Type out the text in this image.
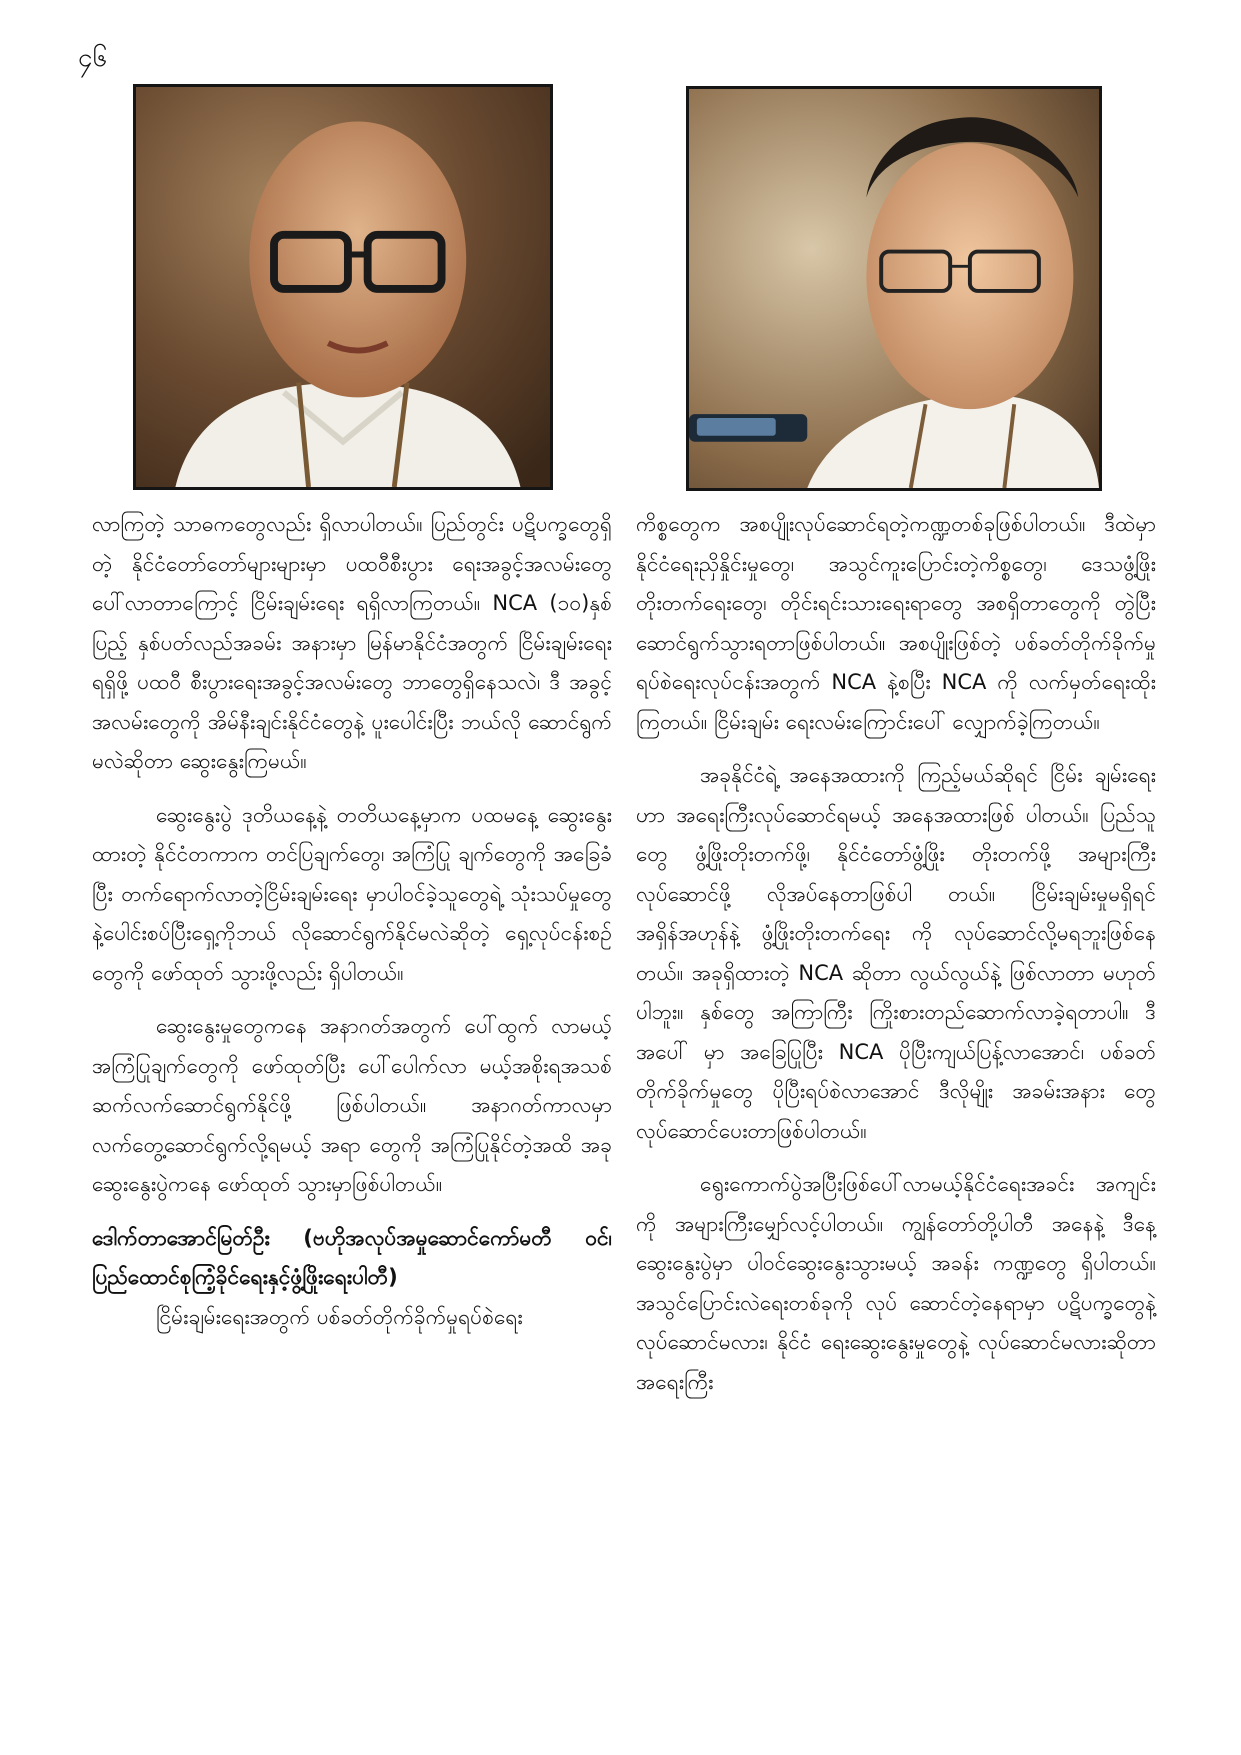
၄၆

လာကြတဲ့ သာဓကတွေလည်း ရှိလာပါတယ်။ ပြည်တွင်း ပဋိပက္ခတွေရှိတဲ့ နိုင်ငံတော်တော်များများမှာ ပထဝီစီးပွား ရေးအခွင့်အလမ်းတွေ ပေါ်လာတာကြောင့် ငြိမ်းချမ်းရေး ရရှိလာကြတယ်။ NCA (၁၀)နှစ်ပြည့် နှစ်ပတ်လည်အခမ်း အနားမှာ မြန်မာနိုင်ငံအတွက် ငြိမ်းချမ်းရေးရရှိဖို့ ပထဝီ စီးပွားရေးအခွင့်အလမ်းတွေ ဘာတွေရှိနေသလဲ၊ ဒီ အခွင့် အလမ်းတွေကို အိမ်နီးချင်းနိုင်ငံတွေနဲ့ ပူးပေါင်းပြီး ဘယ်လို ဆောင်ရွက်မလဲဆိုတာ ဆွေးနွေးကြမယ်။

ဆွေးနွေးပွဲ ဒုတိယနေ့နဲ့ တတိယနေ့မှာက ပထမနေ့ ဆွေးနွေးထားတဲ့ နိုင်ငံတကာက တင်ပြချက်တွေ၊ အကြံပြု ချက်တွေကို အခြေခံပြီး တက်ရောက်လာတဲ့ငြိမ်းချမ်းရေး မှာပါဝင်ခဲ့သူတွေရဲ့ သုံးသပ်မှုတွေနဲ့ပေါင်းစပ်ပြီးရှေ့ကိုဘယ် လိုဆောင်ရွက်နိုင်မလဲဆိုတဲ့ ရှေ့လုပ်ငန်းစဉ်တွေကို ဖော်ထုတ် သွားဖို့လည်း ရှိပါတယ်။

ဆွေးနွေးမှုတွေကနေ အနာဂတ်အတွက် ပေါ်ထွက် လာမယ့် အကြံပြုချက်တွေကို ဖော်ထုတ်ပြီး ပေါ်ပေါက်လာ မယ့်အစိုးရအသစ်ဆက်လက်ဆောင်ရွက်နိုင်ဖို့ ဖြစ်ပါတယ်။ အနာဂတ်ကာလမှာ လက်တွေ့ဆောင်ရွက်လို့ရမယ့် အရာ တွေကို အကြံပြုနိုင်တဲ့အထိ အခုဆွေးနွေးပွဲကနေ ဖော်ထုတ် သွားမှာဖြစ်ပါတယ်။

ဒေါက်တာအောင်မြတ်ဦး (ဗဟိုအလုပ်အမှုဆောင်ကော်မတီ ဝင်၊ ပြည်ထောင်စုကြံ့ခိုင်ရေးနှင့်ဖွံ့ဖြိုးရေးပါတီ)

ငြိမ်းချမ်းရေးအတွက် ပစ်ခတ်တိုက်ခိုက်မှုရပ်စဲရေး

ကိစ္စတွေက အစပျိုးလုပ်ဆောင်ရတဲ့ကဏ္ဍတစ်ခုဖြစ်ပါတယ်။ ဒီထဲမှာ နိုင်ငံရေးညှိနှိုင်းမှုတွေ၊ အသွင်ကူးပြောင်းတဲ့ကိစ္စတွေ၊ ဒေသဖွံ့ဖြိုးတိုးတက်ရေးတွေ၊ တိုင်းရင်းသားရေးရာတွေ အစရှိတာတွေကို တွဲပြီးဆောင်ရွက်သွားရတာဖြစ်ပါတယ်။ အစပျိုးဖြစ်တဲ့ ပစ်ခတ်တိုက်ခိုက်မှုရပ်စဲရေးလုပ်ငန်းအတွက် NCA နဲ့စပြီး NCA ကို လက်မှတ်ရေးထိုးကြတယ်။ ငြိမ်းချမ်း ရေးလမ်းကြောင်းပေါ် လျှောက်ခဲ့ကြတယ်။

အခုနိုင်ငံရဲ့ အနေအထားကို ကြည့်မယ်ဆိုရင် ငြိမ်း ချမ်းရေးဟာ အရေးကြီးလုပ်ဆောင်ရမယ့် အနေအထားဖြစ် ပါတယ်။ ပြည်သူတွေ ဖွံ့ဖြိုးတိုးတက်ဖို့၊ နိုင်ငံတော်ဖွံ့ဖြိုး တိုးတက်ဖို့ အများကြီးလုပ်ဆောင်ဖို့ လိုအပ်နေတာဖြစ်ပါ တယ်။ ငြိမ်းချမ်းမှုမရှိရင် အရှိန်အဟုန်နဲ့ ဖွံ့ဖြိုးတိုးတက်ရေး ကို လုပ်ဆောင်လို့မရဘူးဖြစ်နေတယ်။ အခုရှိထားတဲ့ NCA ဆိုတာ လွယ်လွယ်နဲ့ ဖြစ်လာတာ မဟုတ်ပါဘူး။ နှစ်တွေ အကြာကြီး ကြိုးစားတည်ဆောက်လာခဲ့ရတာပါ။ ဒီအပေါ် မှာ အခြေပြုပြီး NCA ပိုပြီးကျယ်ပြန့်လာအောင်၊ ပစ်ခတ် တိုက်ခိုက်မှုတွေ ပိုပြီးရပ်စဲလာအောင် ဒီလိုမျိုး အခမ်းအနား တွေ လုပ်ဆောင်ပေးတာဖြစ်ပါတယ်။

ရွေးကောက်ပွဲအပြီးဖြစ်ပေါ်လာမယ့်နိုင်ငံရေးအခင်း အကျင်းကို အများကြီးမျှော်လင့်ပါတယ်။ ကျွန်တော်တို့ပါတီ အနေနဲ့ ဒီနေ့ဆွေးနွေးပွဲမှာ ပါဝင်ဆွေးနွေးသွားမယ့် အခန်း ကဏ္ဍတွေ ရှိပါတယ်။ အသွင်ပြောင်းလဲရေးတစ်ခုကို လုပ် ဆောင်တဲ့နေရာမှာ ပဋိပက္ခတွေနဲ့ လုပ်ဆောင်မလား၊ နိုင်ငံ ရေးဆွေးနွေးမှုတွေနဲ့ လုပ်ဆောင်မလားဆိုတာ အရေးကြီး
